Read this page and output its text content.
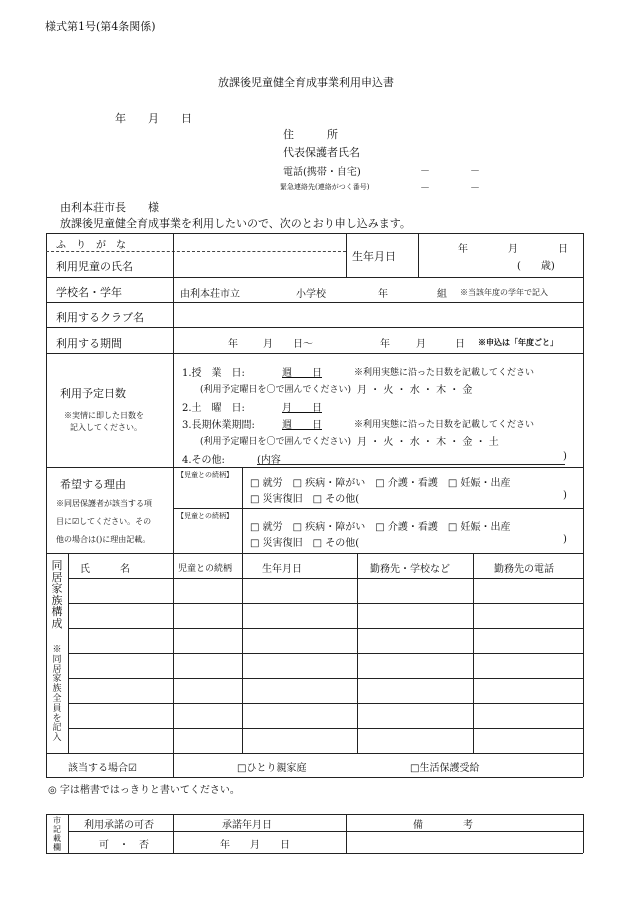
様式第1号(第4条関係)
放課後児童健全育成事業利用申込書
年 月 日
住　　　所
代表保護者氏名
電話(携帯・自宅)	－	－
緊急連絡先(連絡がつく番号)	－	－
由利本荘市長　　様
放課後児童健全育成事業を利用したいので、次のとおり申し込みます。
ふ　り　が　な
利用児童の氏名
生年月日
年	月	日
(　　歳)
学校名・学年	由利本荘市立	小学校	年	組 ※当該年度の学年で記入
利用するクラブ名
利用する期間	年	月 日～	年	月	日 ※申込は「年度ごと」
利用予定日数
※実情に即した日数を
記入してください。
1.授　業　日:	週　　日	※利用実態に沿った日数を記載してください
(利用予定曜日を〇で囲んでください) 月 ・ 火 ・ 水 ・ 木 ・ 金
2.土　曜　日:	月　　日
3.長期休業期間:	週　　日	※利用実態に沿った日数を記載してください
(利用予定曜日を〇で囲んでください) 月 ・ 火 ・ 水 ・ 木 ・ 金 ・ 土
4.その他:	(内容	)
希望する理由
※同居保護者が該当する項
目に☑してください。その
他の場合は()に理由記載。
【児童との続柄】
□ 就労　□ 疾病・障がい　□ 介護・看護　□ 妊娠・出産
□ 災害復旧　□ その他(	)
【児童との続柄】
□ 就労　□ 疾病・障がい　□ 介護・看護　□ 妊娠・出産
□ 災害復旧　□ その他(	)
同居家族構成
※同居家族全員を記入
氏　　　名	児童との続柄	生年月日	勤務先・学校など	勤務先の電話
該当する場合☑	□ひとり親家庭	□生活保護受給
◎ 字は楷書ではっきりと書いてください。
市記載欄
利用承諾の可否	承諾年月日	備　　　　考
可　・　否	年　　月　　日
